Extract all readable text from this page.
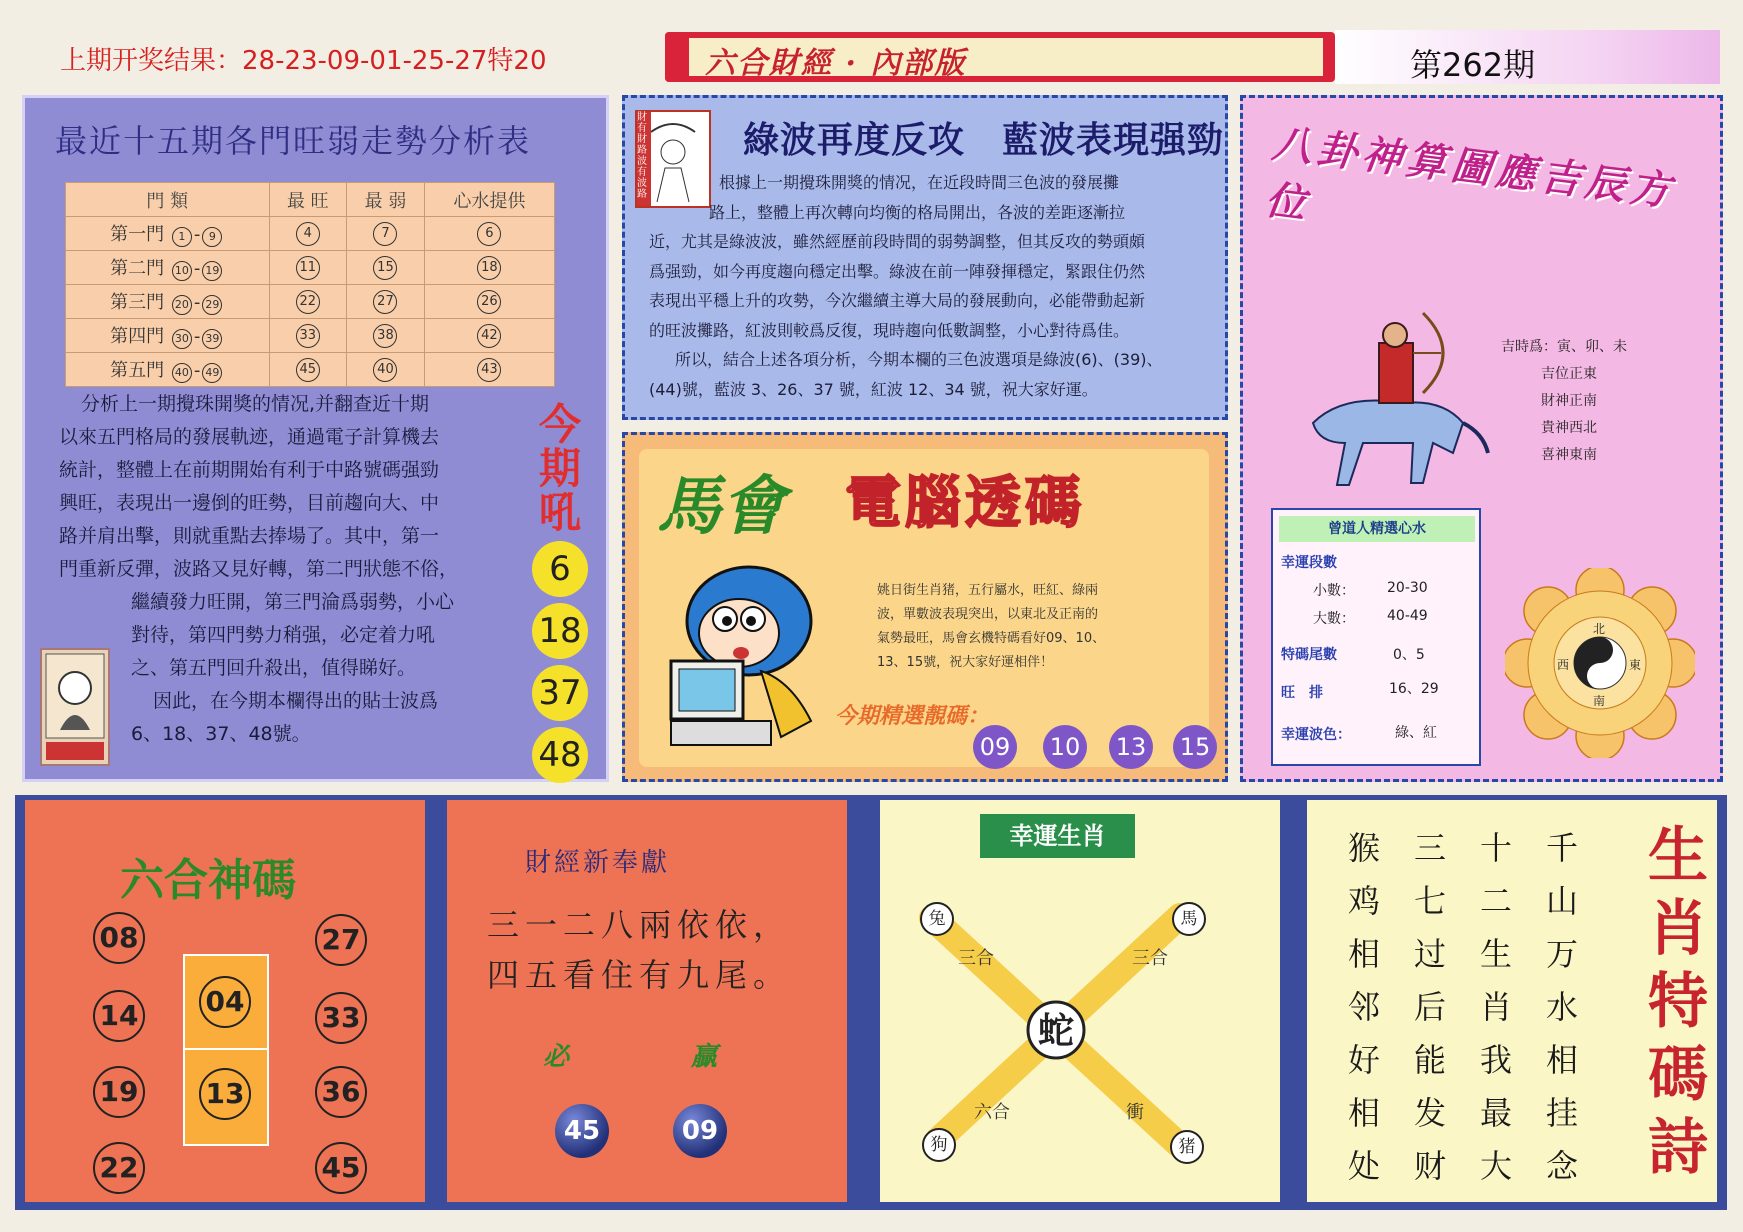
上期开奖结果：28-23-09-01-25-27特20	六合財經 · 內部版	第262期
最近十五期各門旺弱走勢分析表
門 類	最 旺	最 弱	心水提供
第一門 1 - 9	4	7	6
第二門 10 - 19	11	15	18
第三門 20 - 29	22	27	26
第四門 30 - 39	33	38	42
第五門 40 - 49	45	40	43
分析上一期攪珠開獎的情况,并翻查近十期
以來五門格局的發展軌迹，通過電子計算機去
統計，整體上在前期開始有利于中路號碼强勁
興旺，表現出一邊倒的旺勢，目前趨向大、中
路并肩出擊，則就重點去捧場了。其中，第一
門重新反彈，波路又見好轉，第二門狀態不俗，
繼續發力旺開，第三門淪爲弱勢，小心
對待，第四門勢力稍强，必定着力吼
之、第五門回升殺出，值得睇好。
因此，在今期本欄得出的貼士波爲
6、18、37、48號。
今
期
吼
6
18
37
48
財有財路 波有波路
綠波再度反攻　藍波表現强勁
根據上一期攪珠開獎的情况，在近段時間三色波的發展攤
路上，整體上再次轉向均衡的格局開出，各波的差距逐漸拉
近，尤其是綠波波，雖然經歷前段時間的弱勢調整，但其反攻的勢頭頗
爲强勁，如今再度趨向穩定出擊。綠波在前一陣發揮穩定，緊跟住仍然
表現出平穩上升的攻勢，今次繼續主導大局的發展動向，必能帶動起新
的旺波攤路，紅波則較爲反復，現時趨向低數調整，小心對待爲佳。
所以，結合上述各項分析，今期本欄的三色波選項是綠波(6)、(39)、
(44)號，藍波 3、26、37 號，紅波 12、34 號，祝大家好運。
馬會 電腦透碼
姚日街生肖猪，五行屬水，旺紅、綠兩
波，單數波表現突出，以東北及正南的
氣勢最旺，馬會玄機特碼看好09、10、
13、15號，祝大家好運相伴！
今期精選靚碼：
09 10 13 15
八卦神算圖應吉辰方位
吉時爲：寅、卯、未
吉位正東
財神正南
貴神西北
喜神東南
曾道人精選心水
幸運段數
小數： 20-30
大數： 40-49
特碼尾數	0、5
旺　排	16、29
幸運波色：	綠、紅
北
南
東
西
六合神碼
08
14
19
22
27
33
36
45
04
13
財經新奉獻
三一二八兩依依，
四五看住有九尾。
必	贏
45	09
幸運生肖
蛇
兔	馬
狗	猪
三合	三合
六合	衝
千
山
万
水
相
挂
念
十
二
生
肖
我
最
大
三
七
过
后
能
发
财
猴
鸡
相
邻
好
相
处
生
肖
特
碼
詩
